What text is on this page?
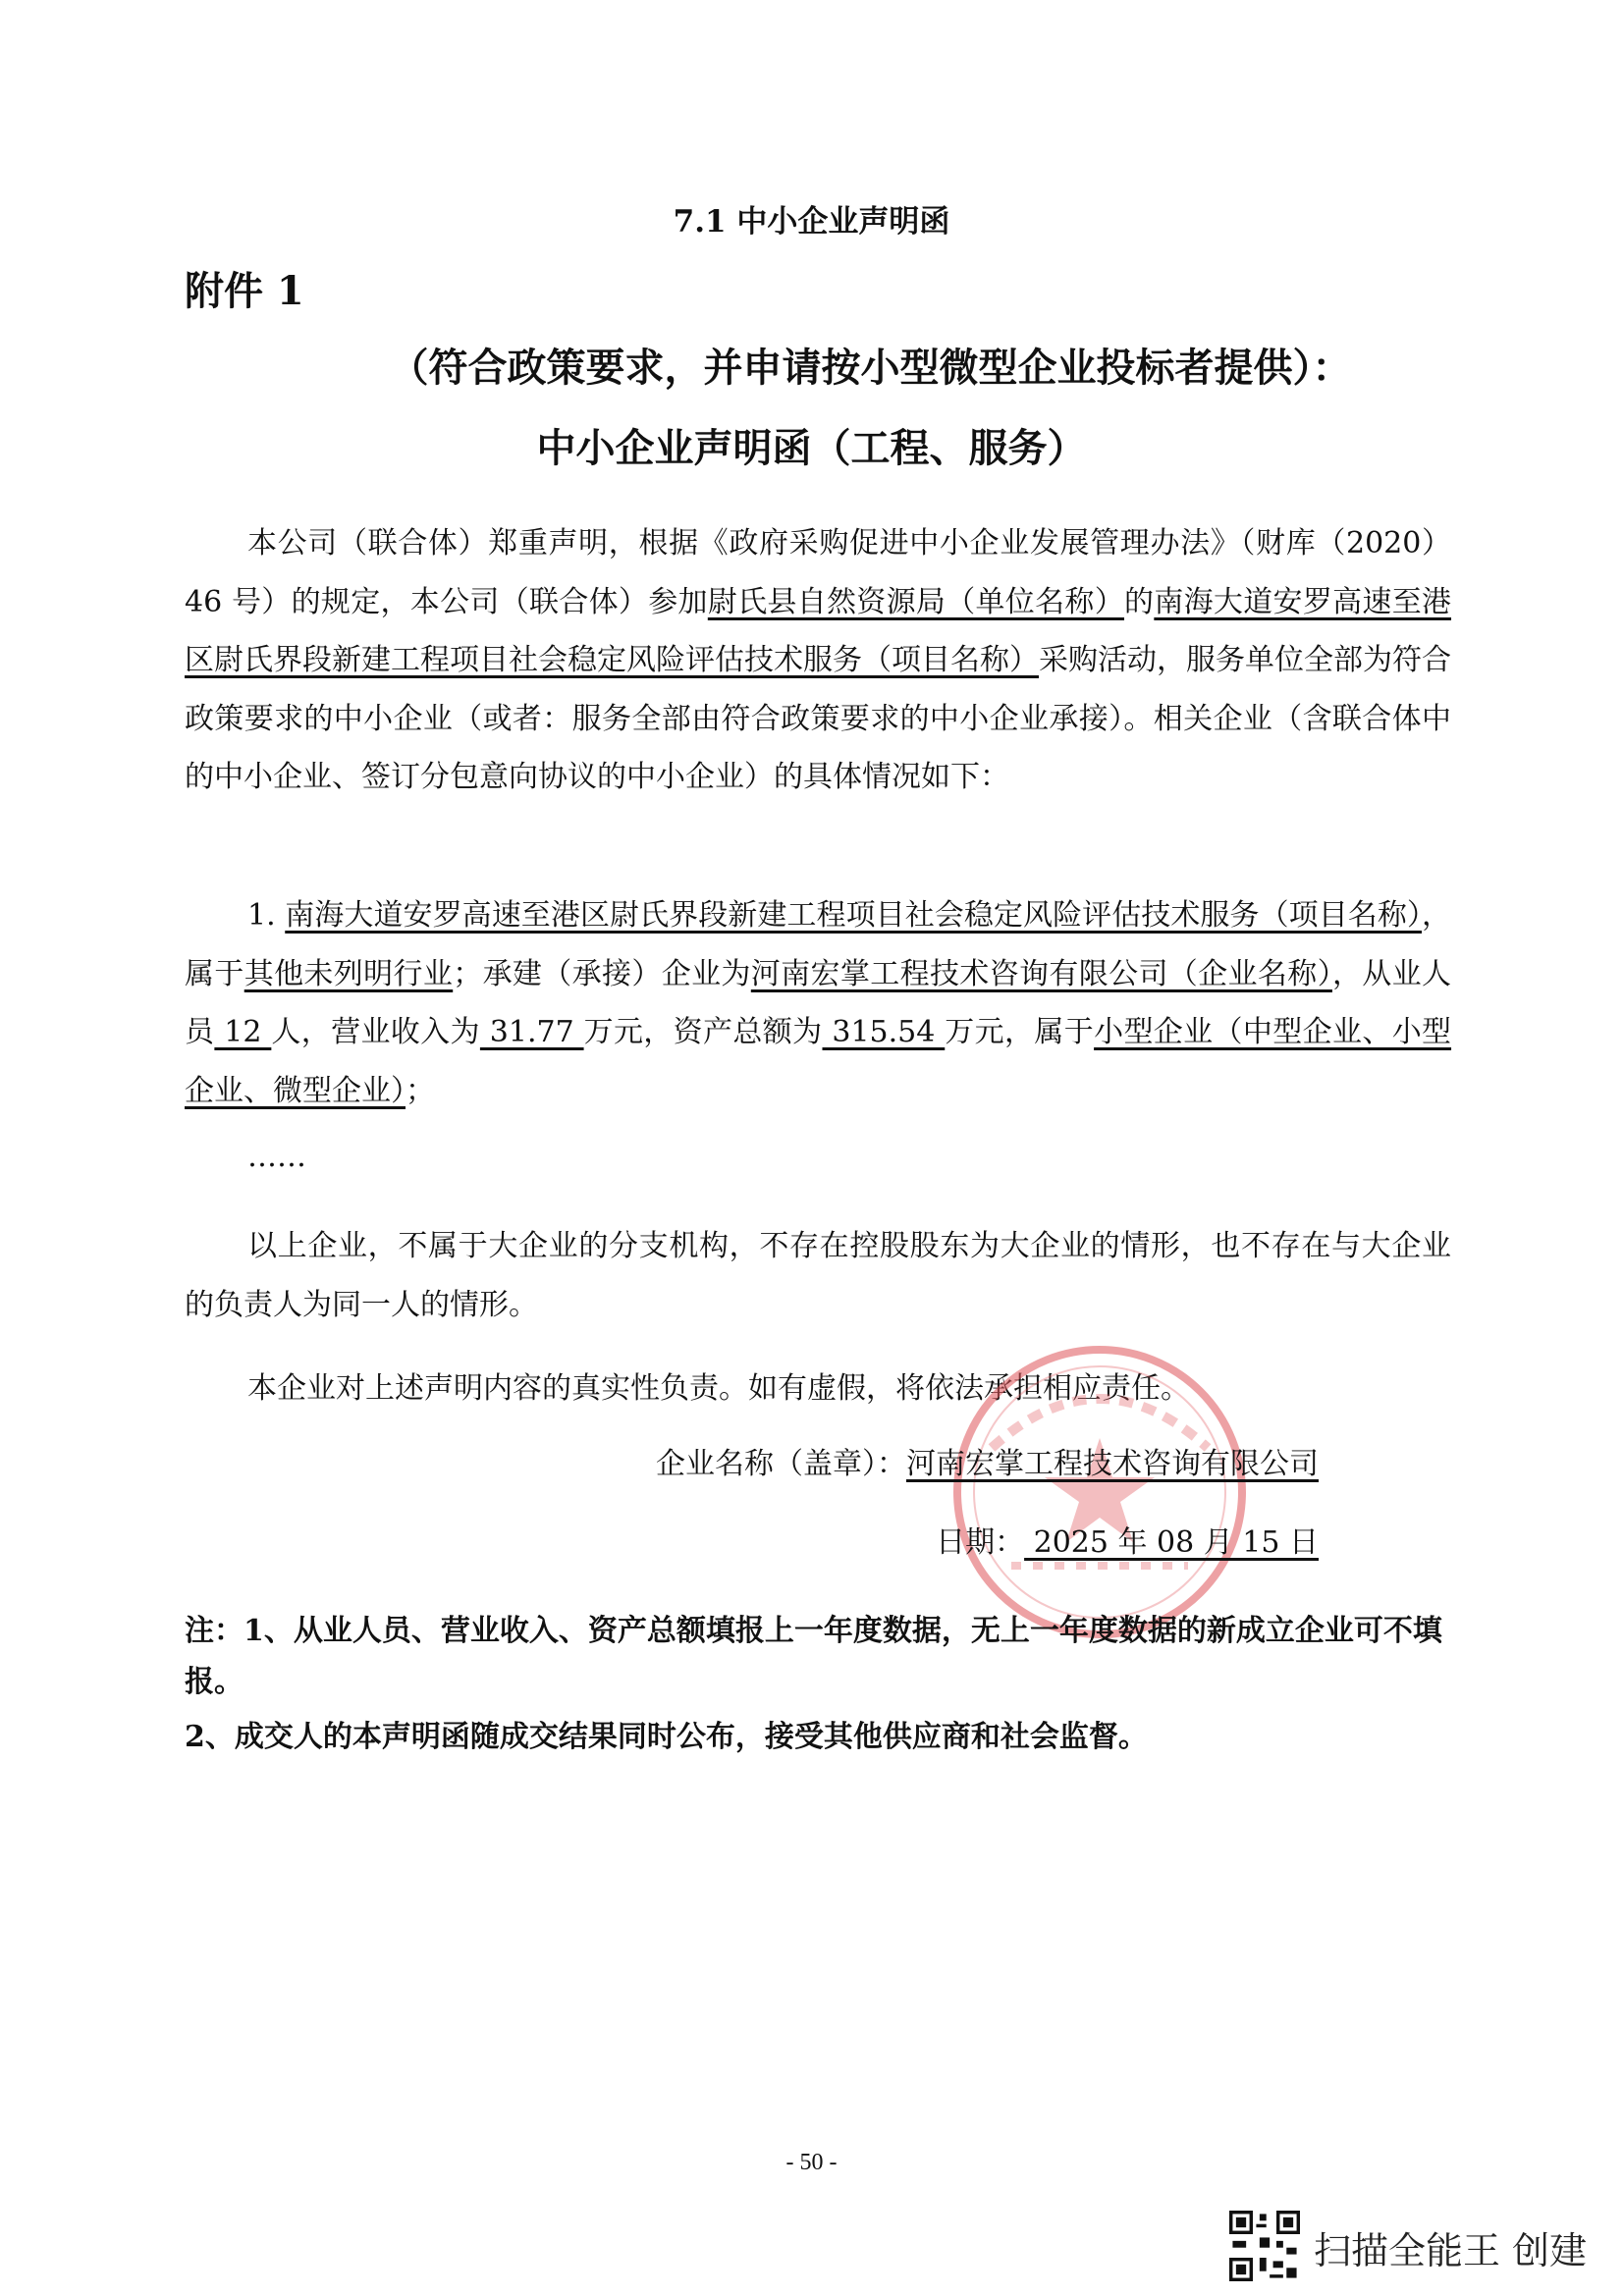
7.1 中小企业声明函
附件 1
（符合政策要求，并申请按小型微型企业投标者提供）：
中小企业声明函（工程、服务）
本公司（联合体）郑重声明，根据《政府采购促进中小企业发展管理办法》（财库（2020）46 号）的规定，本公司（联合体）参加尉氏县自然资源局（单位名称）的南海大道安罗高速至港区尉氏界段新建工程项目社会稳定风险评估技术服务（项目名称）采购活动，服务单位全部为符合政策要求的中小企业（或者：服务全部由符合政策要求的中小企业承接）。相关企业（含联合体中的中小企业、签订分包意向协议的中小企业）的具体情况如下：
1. 南海大道安罗高速至港区尉氏界段新建工程项目社会稳定风险评估技术服务（项目名称），属于其他未列明行业；承建（承接）企业为河南宏掌工程技术咨询有限公司（企业名称），从业人员 12 人，营业收入为 31.77 万元，资产总额为 315.54 万元，属于小型企业（中型企业、小型企业、微型企业）；
……
以上企业，不属于大企业的分支机构，不存在控股股东为大企业的情形，也不存在与大企业的负责人为同一人的情形。
本企业对上述声明内容的真实性负责。如有虚假，将依法承担相应责任。
企业名称（盖章）：河南宏掌工程技术咨询有限公司
日期： 2025 年 08 月 15 日
注：1、从业人员、营业收入、资产总额填报上一年度数据，无上一年度数据的新成立企业可不填报。
2、成交人的本声明函随成交结果同时公布，接受其他供应商和社会监督。
- 50 -
扫描全能王 创建
